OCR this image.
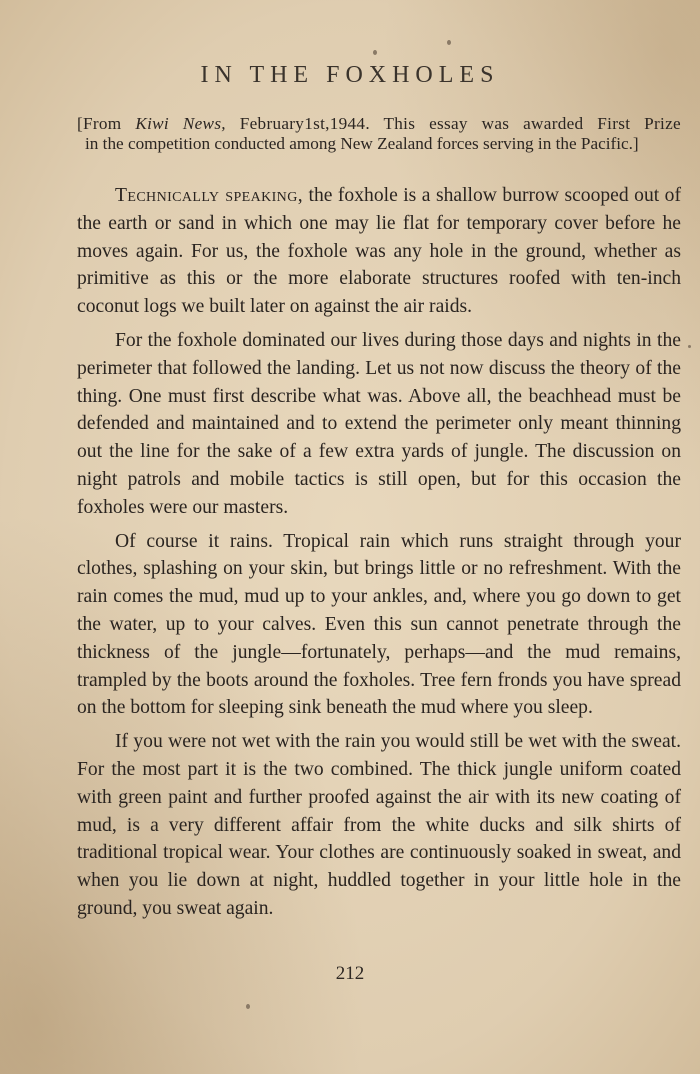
IN THE FOXHOLES
[From Kiwi News, February1st,1944. This essay was awarded First Prize
in the competition conducted among New Zealand forces serving in the Pacific.]

Technically speaking, the foxhole is a shallow burrow scooped out of the earth or sand in which one may lie flat for temporary cover before he moves again. For us, the foxhole was any hole in the ground, whether as primitive as this or the more elaborate structures roofed with ten-inch coconut logs we built later on against the air raids.

For the foxhole dominated our lives during those days and nights in the perimeter that followed the landing. Let us not now discuss the theory of the thing. One must first describe what was. Above all, the beachhead must be defended and maintained and to extend the perimeter only meant thinning out the line for the sake of a few extra yards of jungle. The discussion on night patrols and mobile tactics is still open, but for this occasion the foxholes were our masters.

Of course it rains. Tropical rain which runs straight through your clothes, splashing on your skin, but brings little or no refreshment. With the rain comes the mud, mud up to your ankles, and, where you go down to get the water, up to your calves. Even this sun cannot penetrate through the thickness of the jungle—fortunately, perhaps—and the mud remains, trampled by the boots around the foxholes. Tree fern fronds you have spread on the bottom for sleeping sink beneath the mud where you sleep.

If you were not wet with the rain you would still be wet with the sweat. For the most part it is the two combined. The thick jungle uniform coated with green paint and further proofed against the air with its new coating of mud, is a very different affair from the white ducks and silk shirts of traditional tropical wear. Your clothes are continuously soaked in sweat, and when you lie down at night, huddled together in your little hole in the ground, you sweat again.

212
